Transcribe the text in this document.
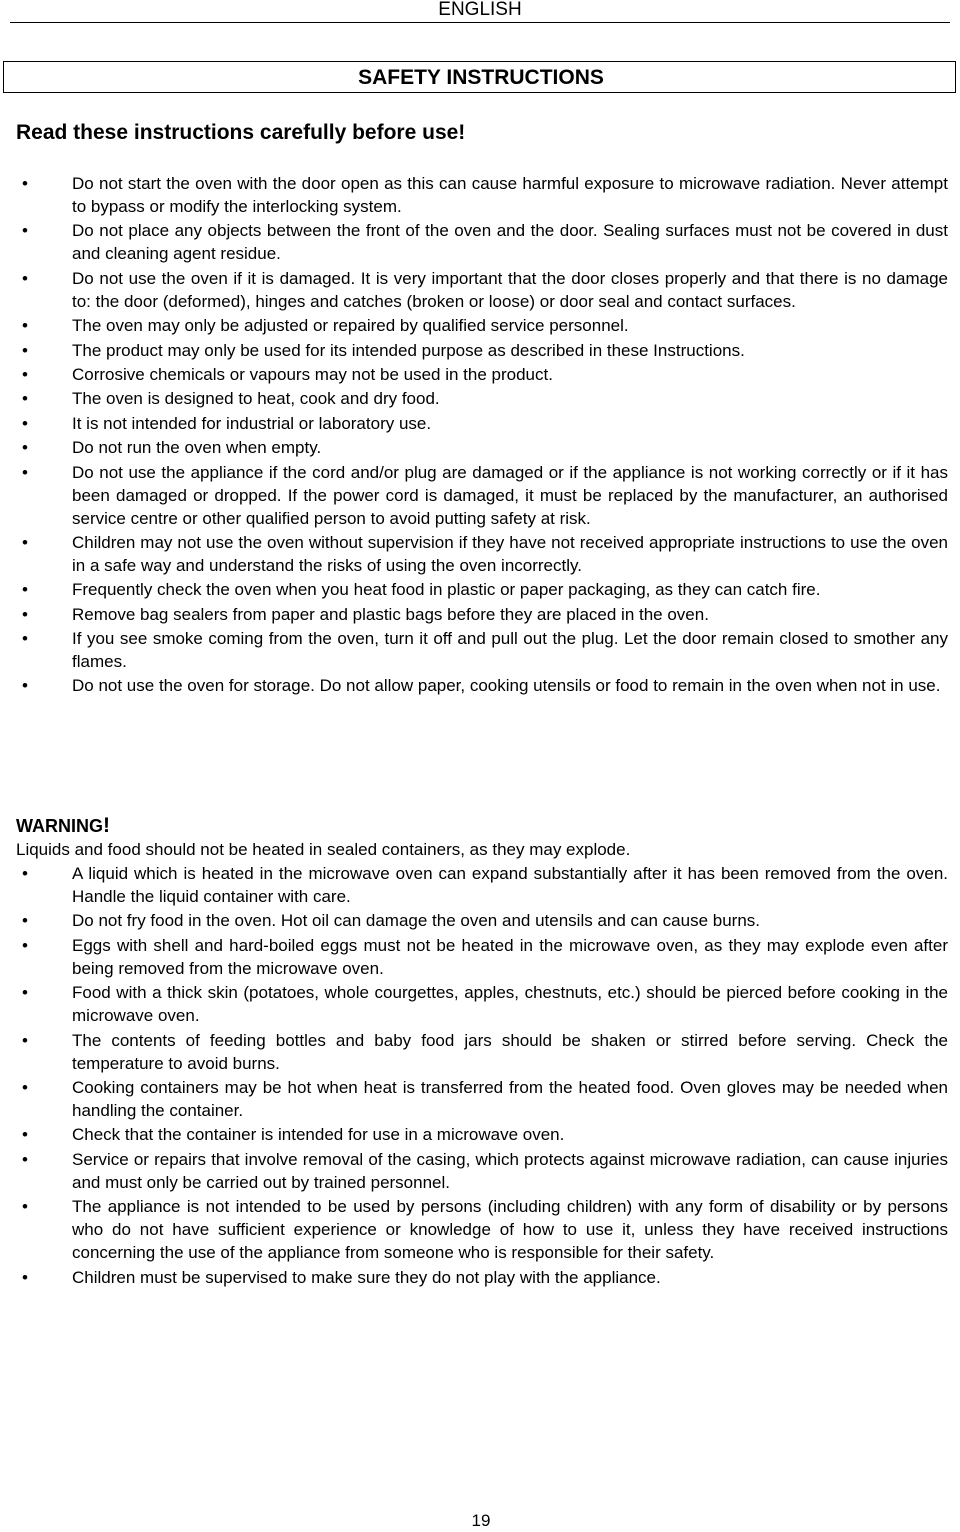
ENGLISH
SAFETY INSTRUCTIONS
Read these instructions carefully before use!
•	Do not start the oven with the door open as this can cause harmful exposure to microwave radiation. Never attempt to bypass or modify the interlocking system.
•	Do not place any objects between the front of the oven and the door. Sealing surfaces must not be covered in dust and cleaning agent residue.
•	Do not use the oven if it is damaged. It is very important that the door closes properly and that there is no damage to: the door (deformed), hinges and catches (broken or loose) or door seal and contact surfaces.
•	The oven may only be adjusted or repaired by qualified service personnel.
•	The product may only be used for its intended purpose as described in these Instructions.
•	Corrosive chemicals or vapours may not be used in the product.
•	The oven is designed to heat, cook and dry food.
•	It is not intended for industrial or laboratory use.
•	Do not run the oven when empty.
•	Do not use the appliance if the cord and/or plug are damaged or if the appliance is not working correctly or if it has been damaged or dropped. If the power cord is damaged, it must be replaced by the manufacturer, an authorised service centre or other qualified person to avoid putting safety at risk.
•	Children may not use the oven without supervision if they have not received appropriate instructions to use the oven in a safe way and understand the risks of using the oven incorrectly.
•	Frequently check the oven when you heat food in plastic or paper packaging, as they can catch fire.
•	Remove bag sealers from paper and plastic bags before they are placed in the oven.
•	If you see smoke coming from the oven, turn it off and pull out the plug. Let the door remain closed to smother any flames.
•	Do not use the oven for storage. Do not allow paper, cooking utensils or food to remain in the oven when not in use.
WARNING!
Liquids and food should not be heated in sealed containers, as they may explode.
•	A liquid which is heated in the microwave oven can expand substantially after it has been removed from the oven. Handle the liquid container with care.
•	Do not fry food in the oven. Hot oil can damage the oven and utensils and can cause burns.
•	Eggs with shell and hard-boiled eggs must not be heated in the microwave oven, as they may explode even after being removed from the microwave oven.
•	Food with a thick skin (potatoes, whole courgettes, apples, chestnuts, etc.) should be pierced before cooking in the microwave oven.
•	The contents of feeding bottles and baby food jars should be shaken or stirred before serving. Check the temperature to avoid burns.
•	Cooking containers may be hot when heat is transferred from the heated food. Oven gloves may be needed when handling the container.
•	Check that the container is intended for use in a microwave oven.
•	Service or repairs that involve removal of the casing, which protects against microwave radiation, can cause injuries and must only be carried out by trained personnel.
•	The appliance is not intended to be used by persons (including children) with any form of disability or by persons who do not have sufficient experience or knowledge of how to use it, unless they have received instructions concerning the use of the appliance from someone who is responsible for their safety.
•	Children must be supervised to make sure they do not play with the appliance.
19
